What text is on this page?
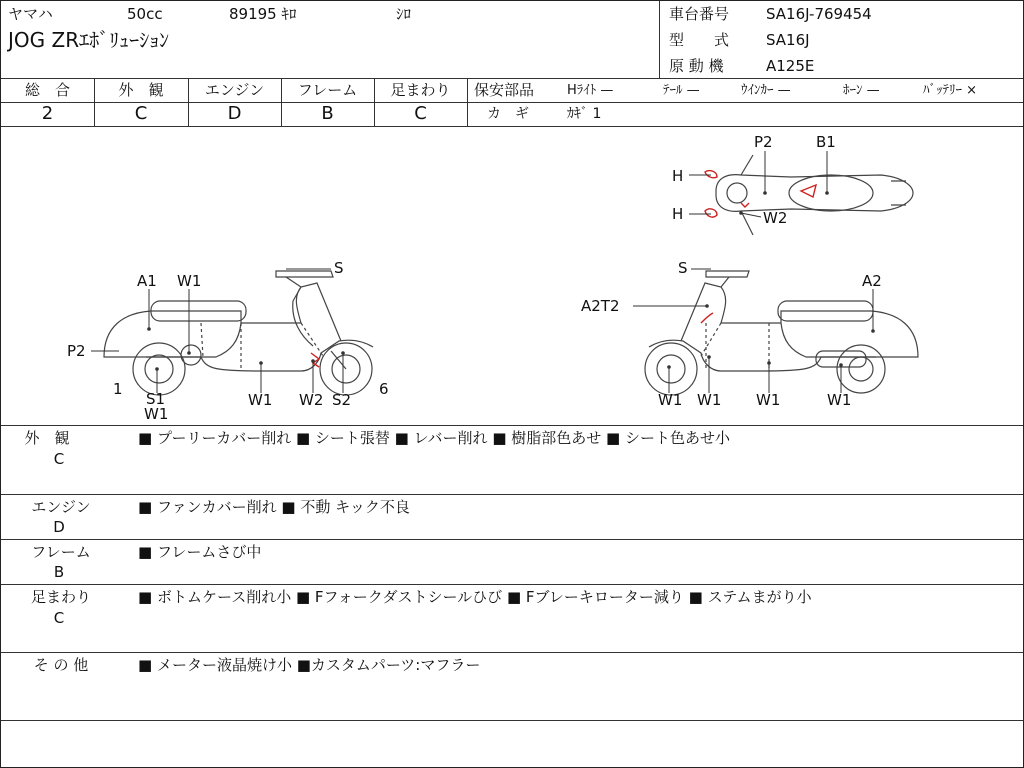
ヤマハ	50cc	89195 ｷﾛ	ｼﾛ
JOG ZRｴﾎﾞﾘｭｰｼｮﾝ
車台番号 SA16J-769454
型　　式 SA16J
原 動 機	A125E
総　合	外　観	エンジン	フレーム	足まわり
2	C	D	B	C
保安部品	Hﾗｲﾄ —	ﾃｰﾙ —	ｳｲﾝｶｰ —	ﾎｰﾝ —	ﾊﾞｯﾃﾘｰ ×
カ　ギ	ｶｷﾞ 1
S
A1 W1
P2
1
S1
W1
W1 W2 S2
6
S
A2
A2T2
W1 W1 W1	W1
P2	B1
H
H	W2
外　観
C
■ プーリーカバー削れ ■ シート張替 ■ レバー削れ ■ 樹脂部色あせ ■ シート色あせ小
エンジン
D
■ ファンカバー削れ ■ 不動 キック不良
フレーム
B
■ フレームさび中
足まわり
C
■ ボトムケース削れ小 ■ Fフォークダストシールひび ■ Fブレーキローター減り ■ ステムまがり小
そ の 他	■ メーター液晶焼け小 ■カスタムパーツ:マフラー
